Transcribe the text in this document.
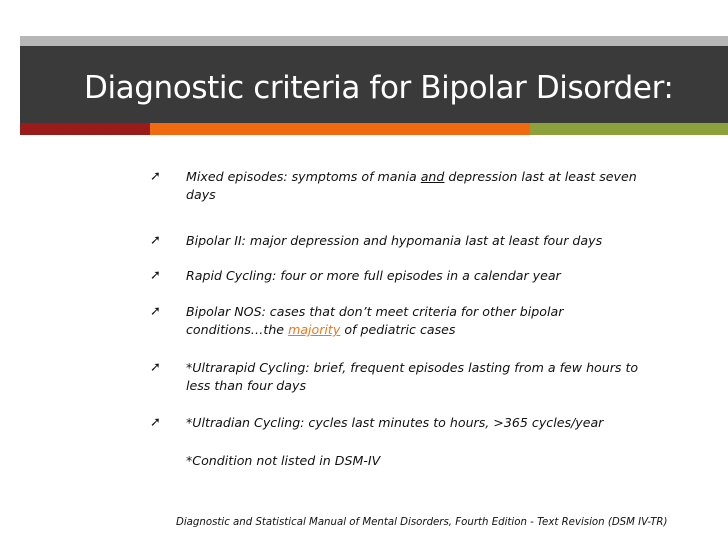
Diagnostic criteria for Bipolar Disorder:
➚ Mixed episodes: symptoms of mania and depression last at least seven
days
➚ Bipolar II: major depression and hypomania last at least four days
➚ Rapid Cycling: four or more full episodes in a calendar year
➚ Bipolar NOS: cases that don’t meet criteria for other bipolar
conditions…the majority of pediatric cases
➚ *Ultrarapid Cycling: brief, frequent episodes lasting from a few hours to
less than four days
➚ *Ultradian Cycling: cycles last minutes to hours, >365 cycles/year
*Condition not listed in DSM-IV
Diagnostic and Statistical Manual of Mental Disorders, Fourth Edition - Text Revision (DSM IV-TR)
